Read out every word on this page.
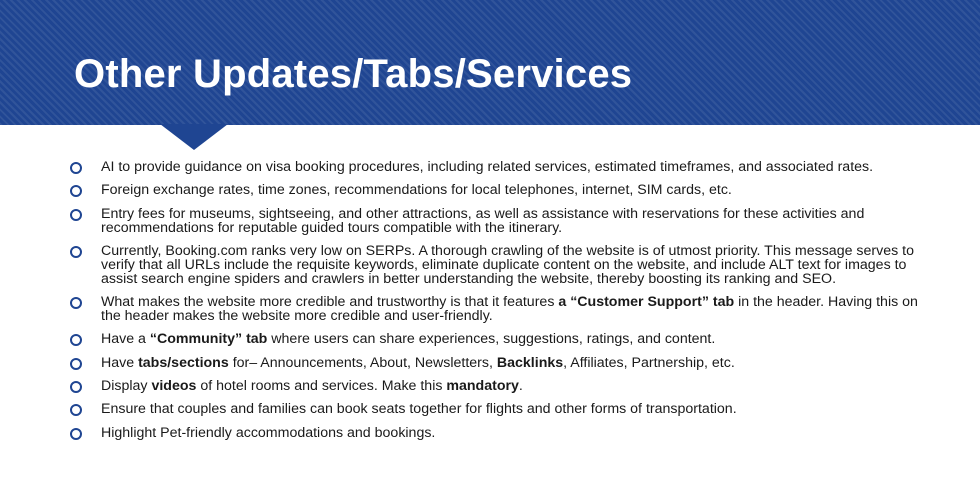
Other Updates/Tabs/Services
AI to provide guidance on visa booking procedures, including related services, estimated timeframes, and associated rates.
Foreign exchange rates, time zones, recommendations for local telephones, internet, SIM cards, etc.
Entry fees for museums, sightseeing, and other attractions, as well as assistance with reservations for these activities and recommendations for reputable guided tours compatible with the itinerary.
Currently, Booking.com ranks very low on SERPs. A thorough crawling of the website is of utmost priority. This message serves to verify that all URLs include the requisite keywords, eliminate duplicate content on the website, and include ALT text for images to assist search engine spiders and crawlers in better understanding the website, thereby boosting its ranking and SEO.
What makes the website more credible and trustworthy is that it features a “Customer Support” tab in the header. Having this on the header makes the website more credible and user-friendly.
Have a “Community” tab where users can share experiences, suggestions, ratings, and content.
Have tabs/sections for– Announcements, About, Newsletters, Backlinks, Affiliates, Partnership, etc.
Display videos of hotel rooms and services. Make this mandatory.
Ensure that couples and families can book seats together for flights and other forms of transportation.
Highlight Pet-friendly accommodations and bookings.
